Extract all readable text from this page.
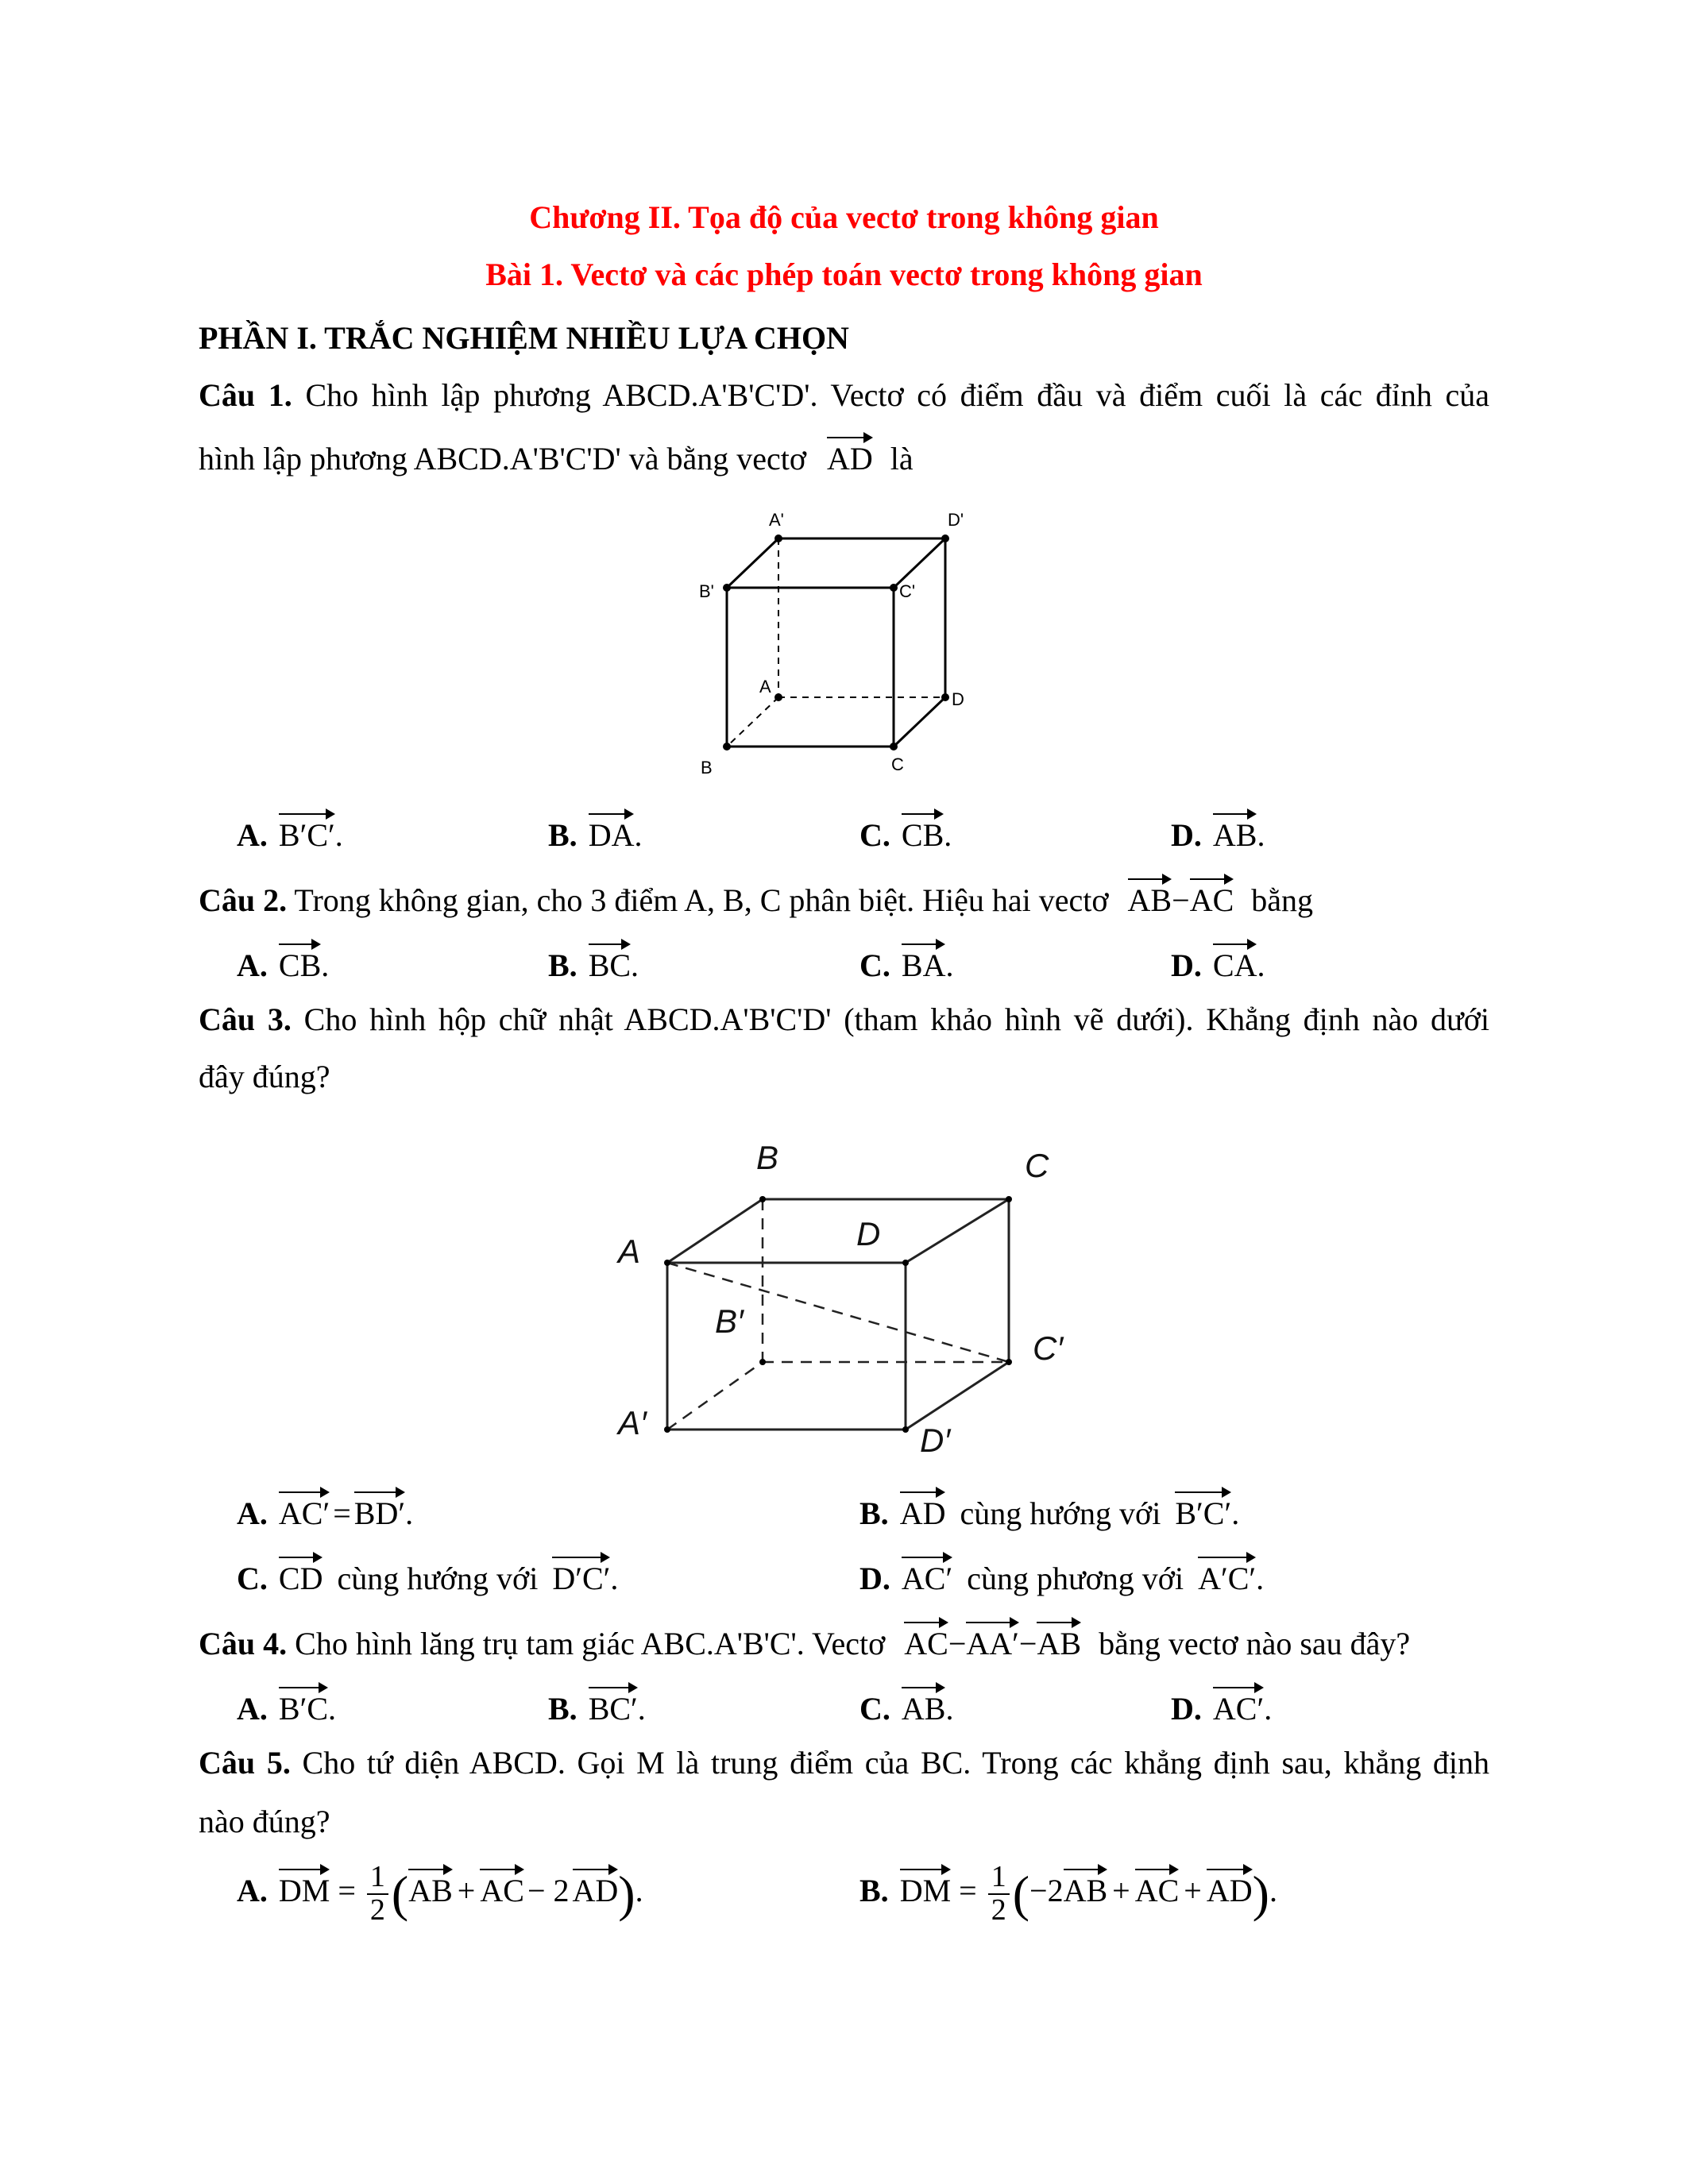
Chương II. Tọa độ của vectơ trong không gian
Bài 1. Vectơ và các phép toán vectơ trong không gian
PHẦN I. TRẮC NGHIỆM NHIỀU LỰA CHỌN
Câu 1. Cho hình lập phương ABCD.A'B'C'D'. Vectơ có điểm đầu và điểm cuối là các đỉnh của
hình lập phương ABCD.A'B'C'D' và bằng vectơ AD là
A'	D'
B'	C'
A
D
B	C
A. B′C′.	B. DA.	C. CB.	D. AB.
Câu 2. Trong không gian, cho 3 điểm A, B, C phân biệt. Hiệu hai vectơ AB−AC bằng
A. CB.	B. BC.	C. BA.	D. CA.
Câu 3. Cho hình hộp chữ nhật ABCD.A'B'C'D' (tham khảo hình vẽ dưới). Khẳng định nào dưới
đây đúng?
B	C
A	D
B′
C′
A′	D′
A. AC′ = BD′.	B. AD cùng hướng với B′C′.
C. CD cùng hướng với D′C′.	D. AC′ cùng phương với A′C′.
Câu 4. Cho hình lăng trụ tam giác ABC.A'B'C'. Vectơ AC−AA′−AB bằng vectơ nào sau đây?
A. B′C.	B. BC′.	C. AB.	D. AC′.
Câu 5. Cho tứ diện ABCD. Gọi M là trung điểm của BC. Trong các khẳng định sau, khẳng định
nào đúng?
A. DM = $\frac{1}{2} (AB$ + AC − 2 AD).	B. DM = $\frac{1}{2} (-2AB$ + AC + AD).
